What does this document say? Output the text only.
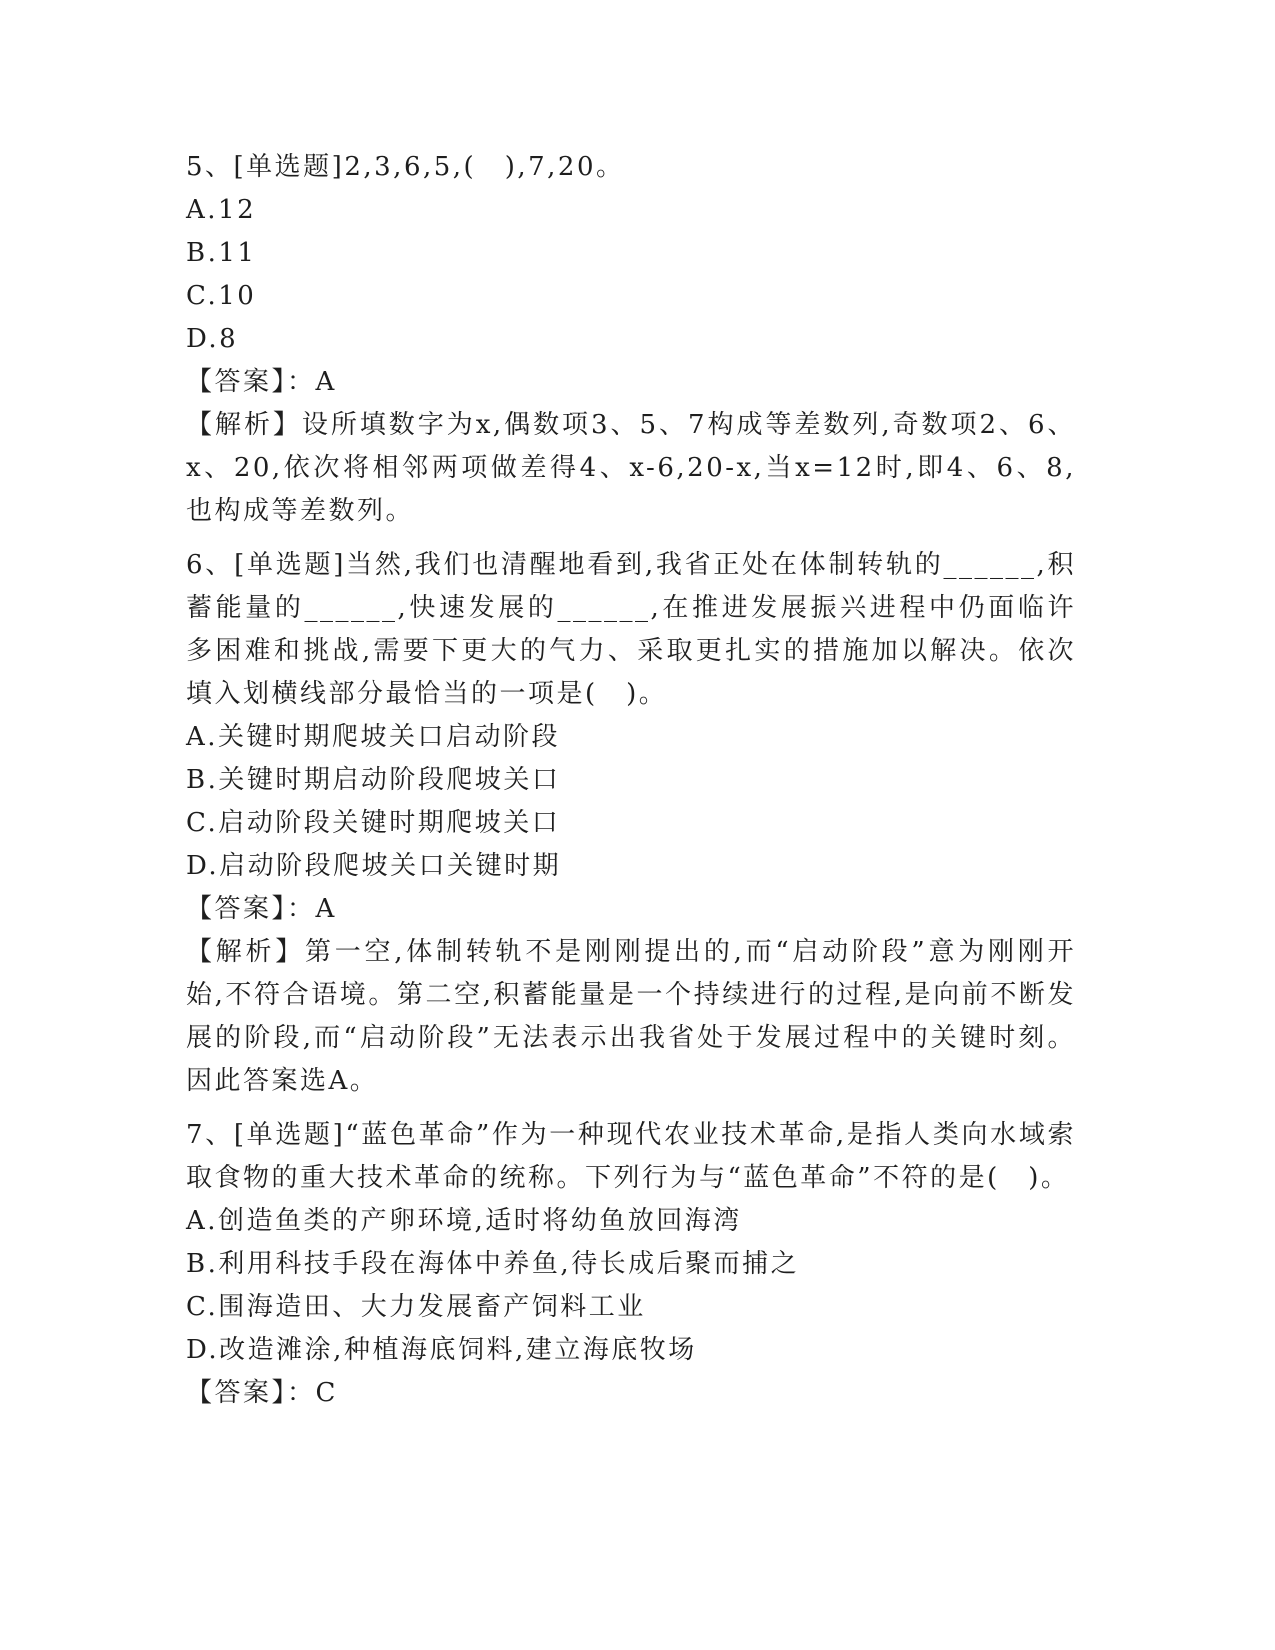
5、[单选题]2,3,6,5,(　),7,20。
A.12
B.11
C.10
D.8
【答案】：A
【解析】设所填数字为x,偶数项3、5、7构成等差数列,奇数项2、6、x、20,依次将相邻两项做差得4、x-6,20-x,当x=12时,即4、6、8,也构成等差数列。
6、[单选题]当然,我们也清醒地看到,我省正处在体制转轨的______,积蓄能量的______,快速发展的______,在推进发展振兴进程中仍面临许多困难和挑战,需要下更大的气力、采取更扎实的措施加以解决。依次填入划横线部分最恰当的一项是(　)。
A.关键时期爬坡关口启动阶段
B.关键时期启动阶段爬坡关口
C.启动阶段关键时期爬坡关口
D.启动阶段爬坡关口关键时期
【答案】：A
【解析】第一空,体制转轨不是刚刚提出的,而“启动阶段”意为刚刚开始,不符合语境。第二空,积蓄能量是一个持续进行的过程,是向前不断发展的阶段,而“启动阶段”无法表示出我省处于发展过程中的关键时刻。因此答案选A。
7、[单选题]“蓝色革命”作为一种现代农业技术革命,是指人类向水域索取食物的重大技术革命的统称。下列行为与“蓝色革命”不符的是(　)。
A.创造鱼类的产卵环境,适时将幼鱼放回海湾
B.利用科技手段在海体中养鱼,待长成后聚而捕之
C.围海造田、大力发展畜产饲料工业
D.改造滩涂,种植海底饲料,建立海底牧场
【答案】：C
